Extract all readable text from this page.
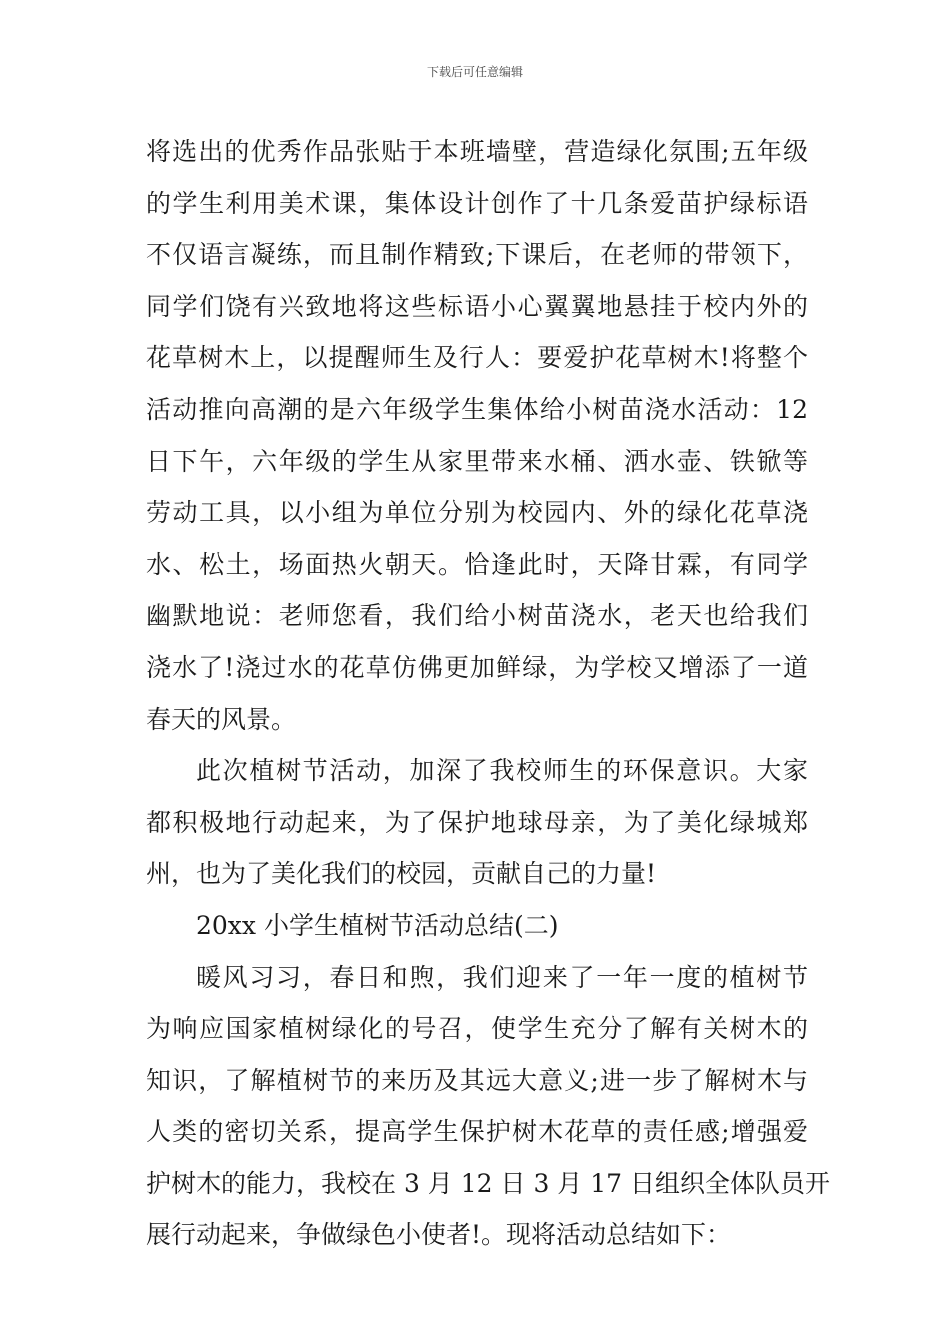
下载后可任意编辑
将选出的优秀作品张贴于本班墙壁，营造绿化氛围;五年级
的学生利用美术课，集体设计创作了十几条爱苗护绿标语
不仅语言凝练，而且制作精致;下课后，在老师的带领下，
同学们饶有兴致地将这些标语小心翼翼地悬挂于校内外的
花草树木上，以提醒师生及行人：要爱护花草树木!将整个
活动推向高潮的是六年级学生集体给小树苗浇水活动：12
日下午，六年级的学生从家里带来水桶、洒水壶、铁锨等
劳动工具，以小组为单位分别为校园内、外的绿化花草浇
水、松土，场面热火朝天。恰逢此时，天降甘霖，有同学
幽默地说：老师您看，我们给小树苗浇水，老天也给我们
浇水了!浇过水的花草仿佛更加鲜绿，为学校又增添了一道
春天的风景。
此次植树节活动，加深了我校师生的环保意识。大家
都积极地行动起来，为了保护地球母亲，为了美化绿城郑
州，也为了美化我们的校园，贡献自己的力量!
20xx 小学生植树节活动总结(二)
暖风习习，春日和煦，我们迎来了一年一度的植树节
为响应国家植树绿化的号召，使学生充分了解有关树木的
知识，了解植树节的来历及其远大意义;进一步了解树木与
人类的密切关系，提高学生保护树木花草的责任感;增强爱
护树木的能力，我校在 3 月 12 日 3 月 17 日组织全体队员开
展行动起来，争做绿色小使者!。现将活动总结如下：
